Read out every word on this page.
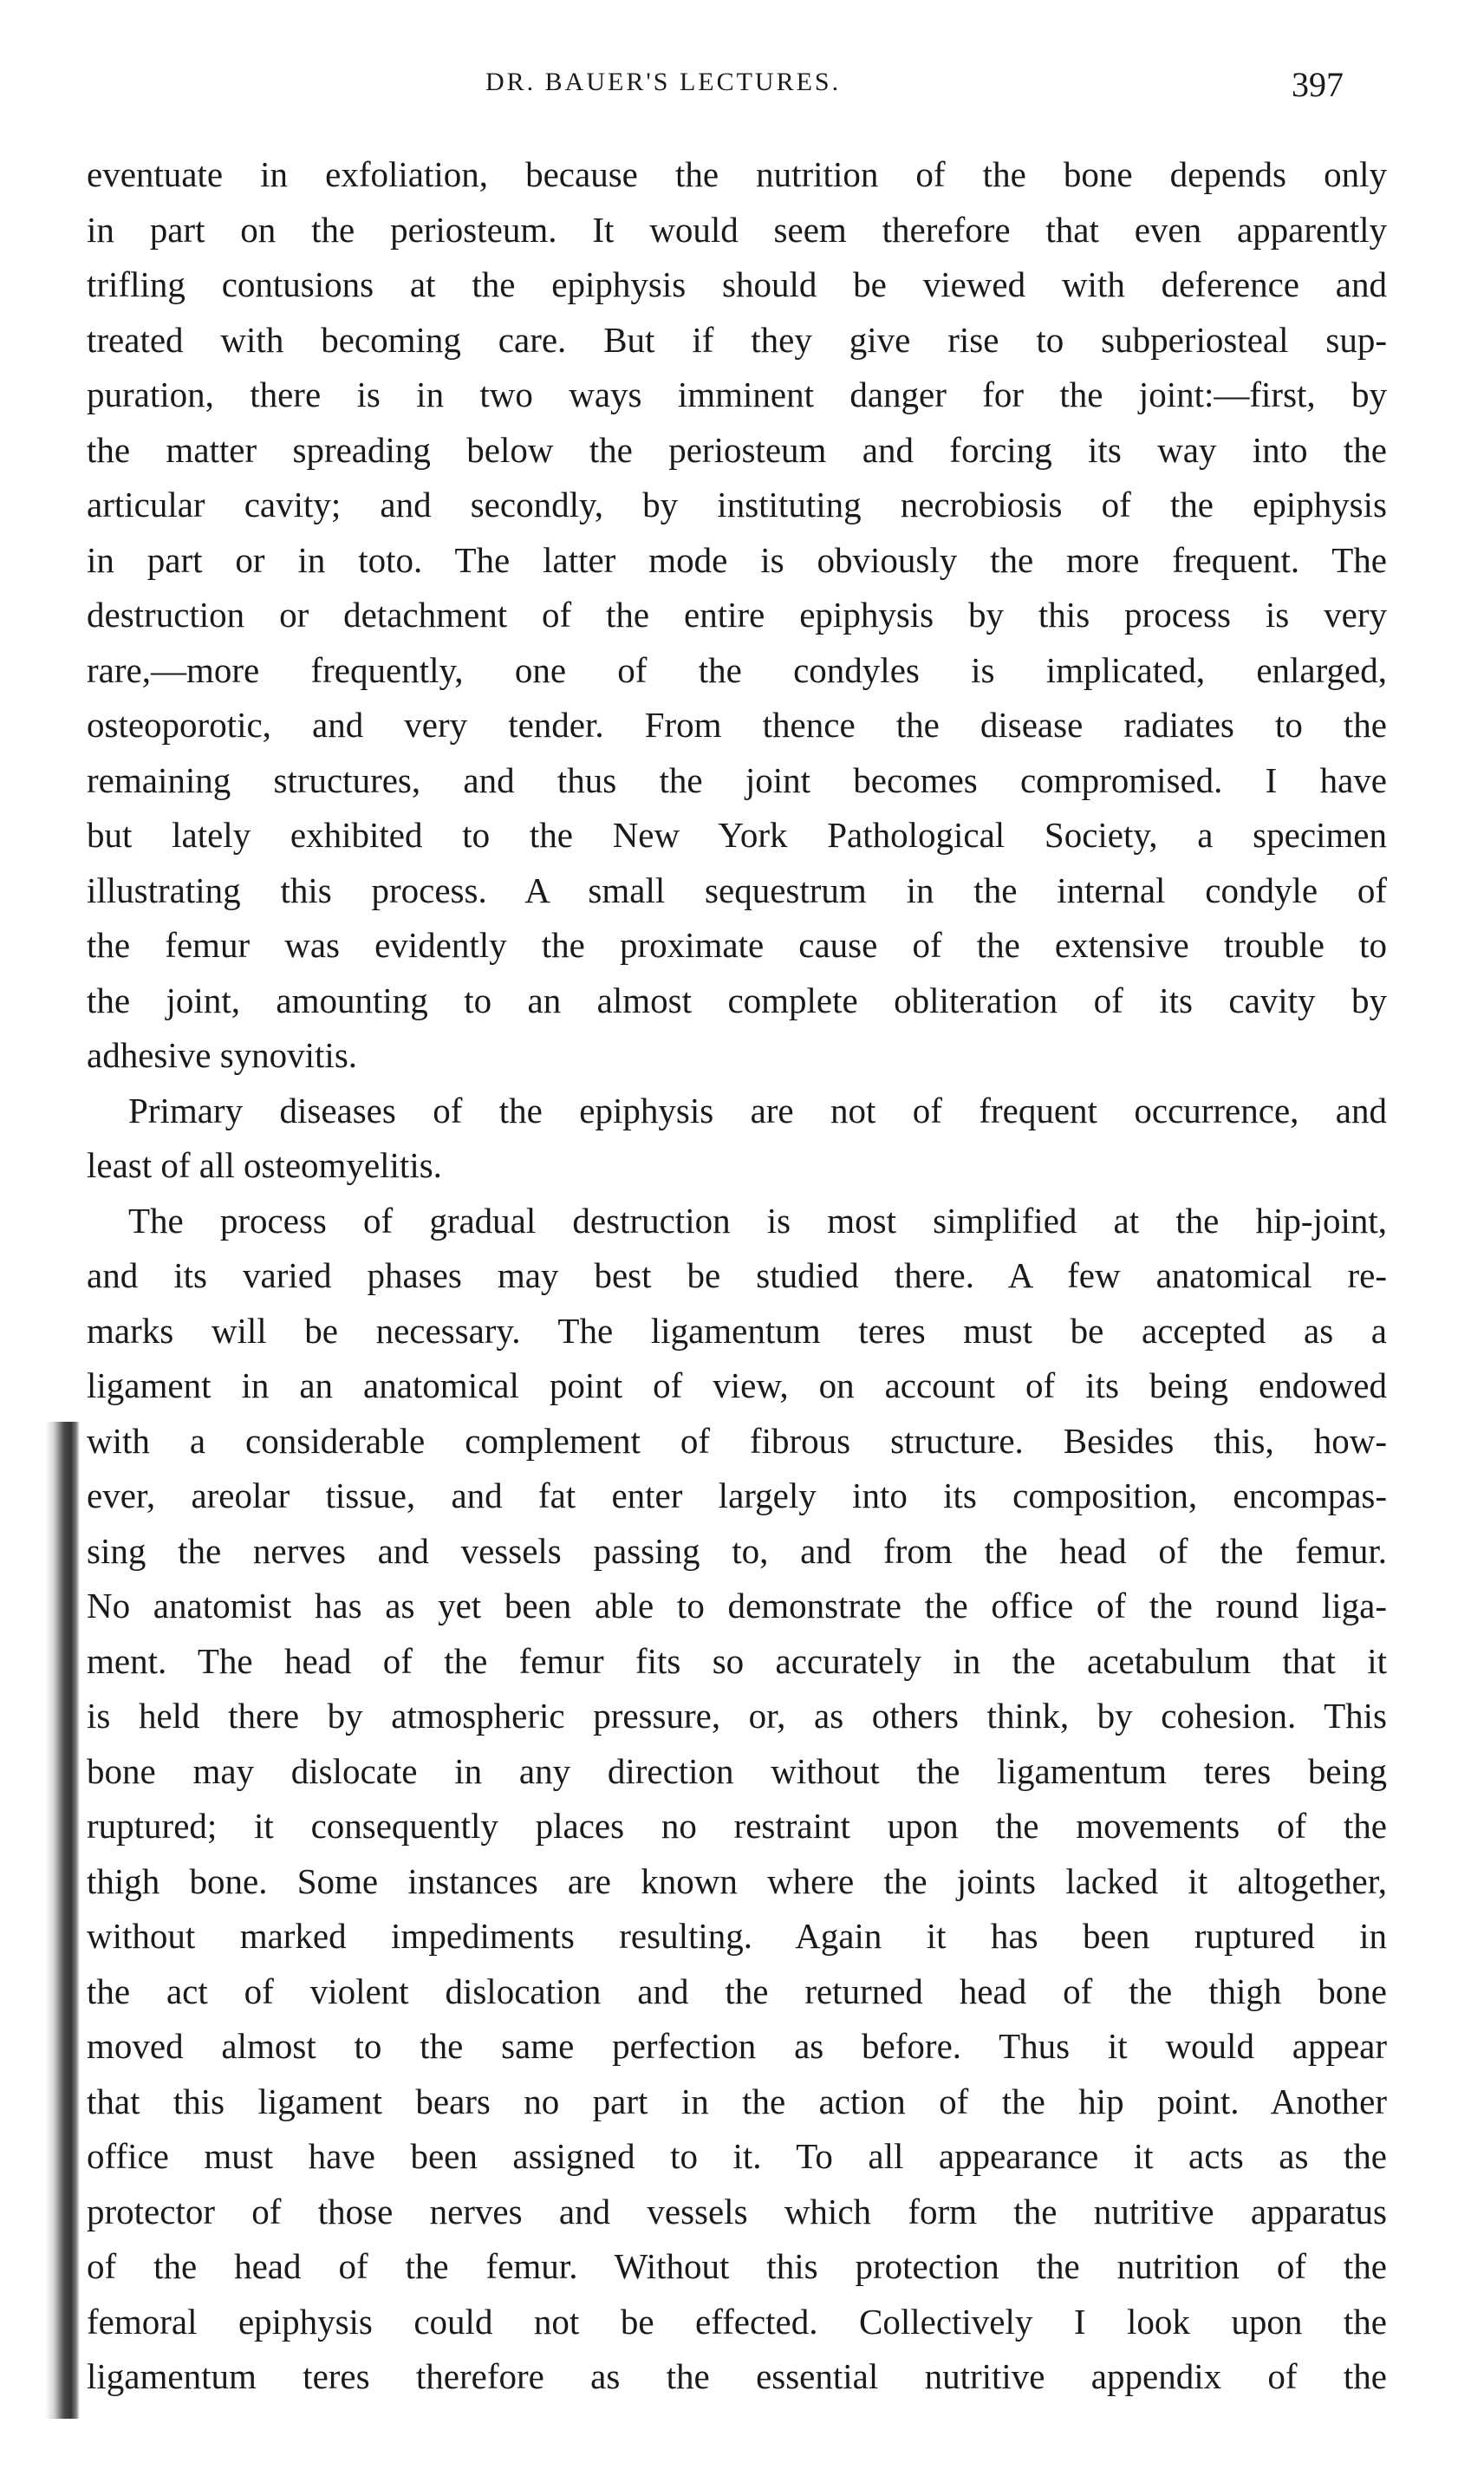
DR. BAUER'S LECTURES.	397
eventuate in exfoliation, because the nutrition of the bone depends only
in part on the periosteum. It would seem therefore that even apparently
trifling contusions at the epiphysis should be viewed with deference and
treated with becoming care. But if they give rise to subperiosteal sup-
puration, there is in two ways imminent danger for the joint:—first, by
the matter spreading below the periosteum and forcing its way into the
articular cavity; and secondly, by instituting necrobiosis of the epiphysis
in part or in toto. The latter mode is obviously the more frequent. The
destruction or detachment of the entire epiphysis by this process is very
rare,—more frequently, one of the condyles is implicated, enlarged,
osteoporotic, and very tender. From thence the disease radiates to the
remaining structures, and thus the joint becomes compromised. I have
but lately exhibited to the New York Pathological Society, a specimen
illustrating this process. A small sequestrum in the internal condyle of
the femur was evidently the proximate cause of the extensive trouble to
the joint, amounting to an almost complete obliteration of its cavity by
adhesive synovitis.
Primary diseases of the epiphysis are not of frequent occurrence, and
least of all osteomyelitis.
The process of gradual destruction is most simplified at the hip-joint,
and its varied phases may best be studied there. A few anatomical re-
marks will be necessary. The ligamentum teres must be accepted as a
ligament in an anatomical point of view, on account of its being endowed
with a considerable complement of fibrous structure. Besides this, how-
ever, areolar tissue, and fat enter largely into its composition, encompas-
sing the nerves and vessels passing to, and from the head of the femur.
No anatomist has as yet been able to demonstrate the office of the round liga-
ment. The head of the femur fits so accurately in the acetabulum that it
is held there by atmospheric pressure, or, as others think, by cohesion. This
bone may dislocate in any direction without the ligamentum teres being
ruptured; it consequently places no restraint upon the movements of the
thigh bone. Some instances are known where the joints lacked it altogether,
without marked impediments resulting. Again it has been ruptured in
the act of violent dislocation and the returned head of the thigh bone
moved almost to the same perfection as before. Thus it would appear
that this ligament bears no part in the action of the hip point. Another
office must have been assigned to it. To all appearance it acts as the
protector of those nerves and vessels which form the nutritive apparatus
of the head of the femur. Without this protection the nutrition of the
femoral epiphysis could not be effected. Collectively I look upon the
ligamentum teres therefore as the essential nutritive appendix of the
